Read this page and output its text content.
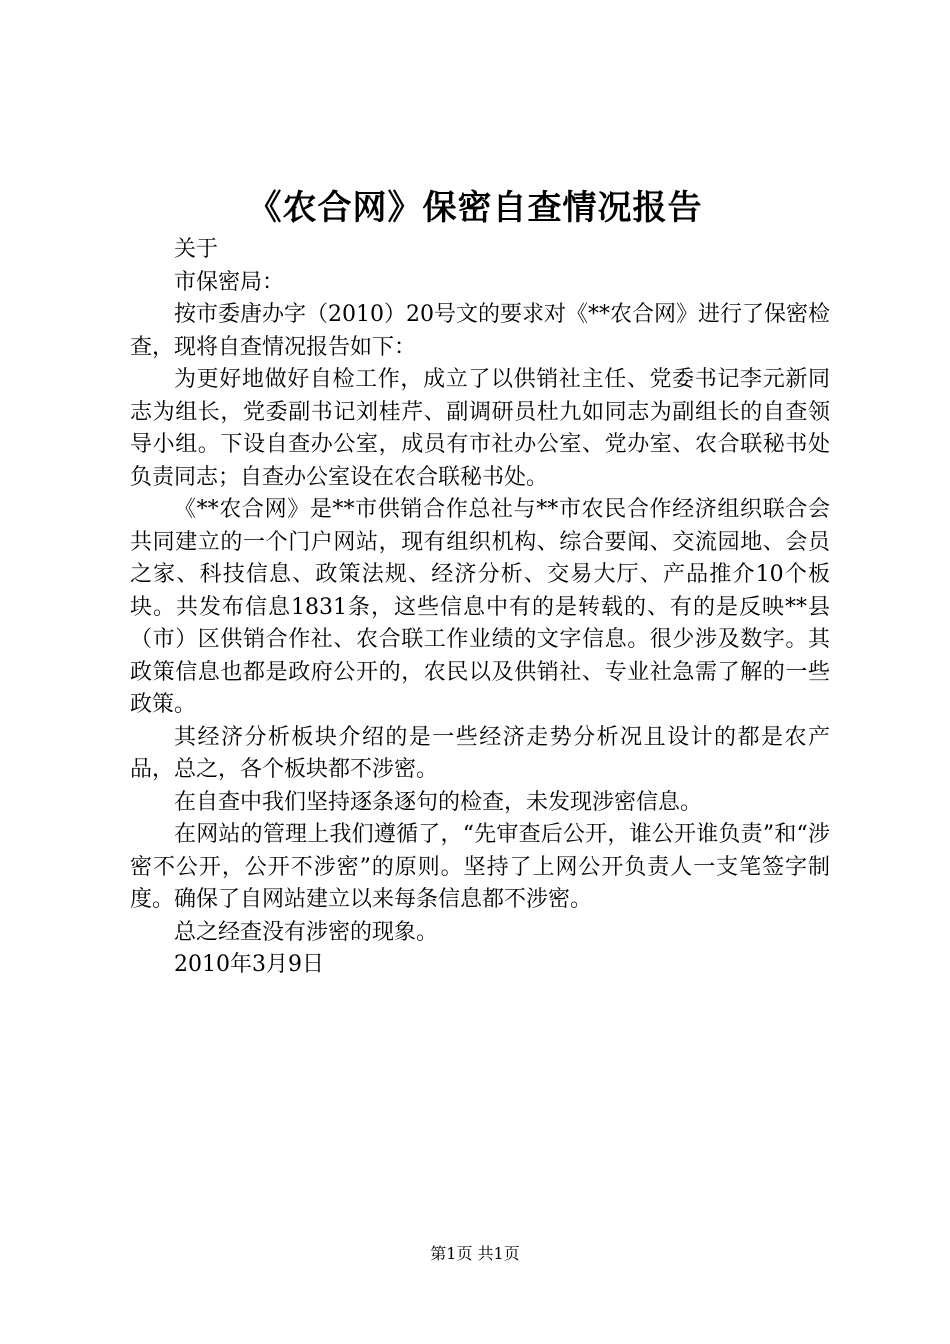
《农合网》保密自查情况报告

关于

市保密局：

按市委唐办字（2010）20号文的要求对《**农合网》进行了保密检查，现将自查情况报告如下：

为更好地做好自检工作，成立了以供销社主任、党委书记李元新同志为组长，党委副书记刘桂芹、副调研员杜九如同志为副组长的自查领导小组。下设自查办公室，成员有市社办公室、党办室、农合联秘书处负责同志；自查办公室设在农合联秘书处。

《**农合网》是**市供销合作总社与**市农民合作经济组织联合会共同建立的一个门户网站，现有组织机构、综合要闻、交流园地、会员之家、科技信息、政策法规、经济分析、交易大厅、产品推介10个板块。共发布信息1831条，这些信息中有的是转载的、有的是反映**县（市）区供销合作社、农合联工作业绩的文字信息。很少涉及数字。其政策信息也都是政府公开的，农民以及供销社、专业社急需了解的一些政策。

其经济分析板块介绍的是一些经济走势分析况且设计的都是农产品，总之，各个板块都不涉密。

在自查中我们坚持逐条逐句的检查，未发现涉密信息。

在网站的管理上我们遵循了，“先审查后公开，谁公开谁负责”和“涉密不公开，公开不涉密”的原则。坚持了上网公开负责人一支笔签字制度。确保了自网站建立以来每条信息都不涉密。

总之经查没有涉密的现象。

2010年3月9日

第1页 共1页
